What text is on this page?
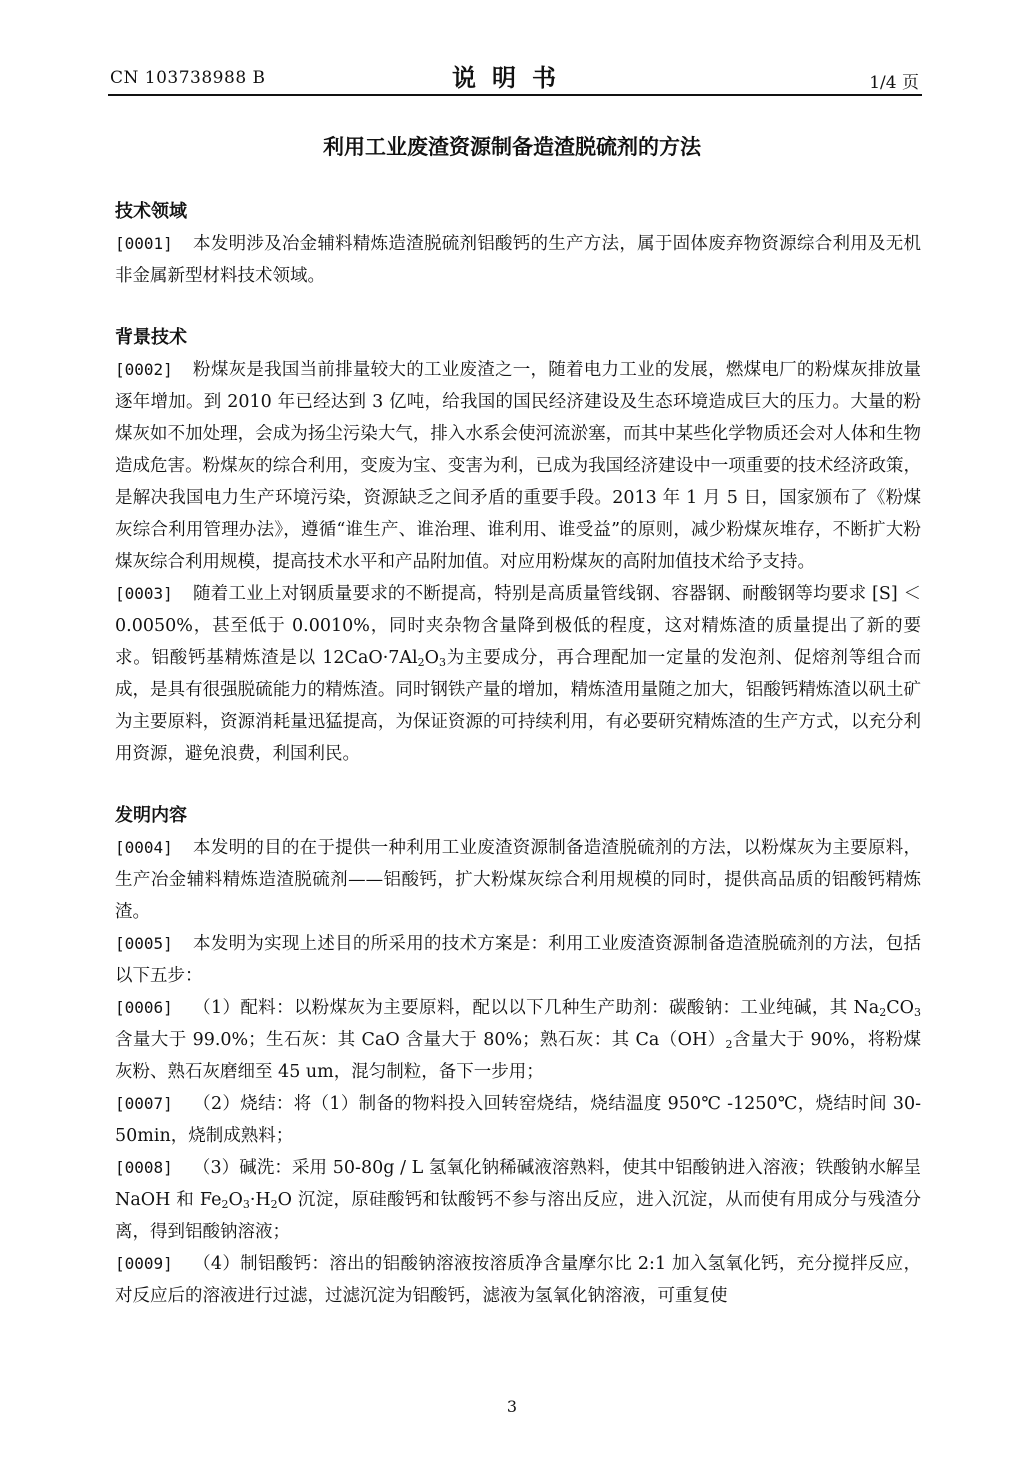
CN 103738988 B	说明书	1/4 页
利用工业废渣资源制备造渣脱硫剂的方法

技术领域

[0001] 本发明涉及冶金辅料精炼造渣脱硫剂铝酸钙的生产方法，属于固体废弃物资源综合利用及无机非金属新型材料技术领域。

背景技术

[0002] 粉煤灰是我国当前排量较大的工业废渣之一，随着电力工业的发展，燃煤电厂的粉煤灰排放量逐年增加。到 2010 年已经达到 3 亿吨，给我国的国民经济建设及生态环境造成巨大的压力。大量的粉煤灰如不加处理，会成为扬尘污染大气，排入水系会使河流淤塞，而其中某些化学物质还会对人体和生物造成危害。粉煤灰的综合利用，变废为宝、变害为利，已成为我国经济建设中一项重要的技术经济政策，是解决我国电力生产环境污染，资源缺乏之间矛盾的重要手段。2013 年 1 月 5 日，国家颁布了《粉煤灰综合利用管理办法》，遵循“谁生产、谁治理、谁利用、谁受益”的原则，减少粉煤灰堆存，不断扩大粉煤灰综合利用规模，提高技术水平和产品附加值。对应用粉煤灰的高附加值技术给予支持。

[0003] 随着工业上对钢质量要求的不断提高，特别是高质量管线钢、容器钢、耐酸钢等均要求 [S] ＜ 0.0050%，甚至低于 0.0010%，同时夹杂物含量降到极低的程度，这对精炼渣的质量提出了新的要求。铝酸钙基精炼渣是以 $12CaO\cdot 7Al_2O_3$为主要成分，再合理配加一定量的发泡剂、促熔剂等组合而成，是具有很强脱硫能力的精炼渣。同时钢铁产量的增加，精炼渣用量随之加大，铝酸钙精炼渣以矾土矿为主要原料，资源消耗量迅猛提高，为保证资源的可持续利用，有必要研究精炼渣的生产方式，以充分利用资源，避免浪费，利国利民。

发明内容

[0004] 本发明的目的在于提供一种利用工业废渣资源制备造渣脱硫剂的方法，以粉煤灰为主要原料，生产冶金辅料精炼造渣脱硫剂——铝酸钙，扩大粉煤灰综合利用规模的同时，提供高品质的铝酸钙精炼渣。

[0005] 本发明为实现上述目的所采用的技术方案是：利用工业废渣资源制备造渣脱硫剂的方法，包括以下五步：

[0006] （1）配料：以粉煤灰为主要原料，配以以下几种生产助剂：碳酸钠：工业纯碱，其 $Na_2CO_3$含量大于 99.0%；生石灰：其 CaO 含量大于 80%；熟石灰：其 $Ca(OH)_2$含量大于 90%，将粉煤灰粉、熟石灰磨细至 45 um，混匀制粒，备下一步用；

[0007] （2）烧结：将（1）制备的物料投入回转窑烧结，烧结温度 950℃ -1250℃，烧结时间 30-50min，烧制成熟料；

[0008] （3）碱洗：采用 50-80g / L 氢氧化钠稀碱液溶熟料，使其中铝酸钠进入溶液；铁酸钠水解呈 NaOH 和 $Fe_2O_3\cdot H_2O$ 沉淀，原硅酸钙和钛酸钙不参与溶出反应，进入沉淀，从而使有用成分与残渣分离，得到铝酸钠溶液；

[0009] （4）制铝酸钙：溶出的铝酸钠溶液按溶质净含量摩尔比 2:1 加入氢氧化钙，充分搅拌反应，对反应后的溶液进行过滤，过滤沉淀为铝酸钙，滤液为氢氧化钠溶液，可重复使

3
